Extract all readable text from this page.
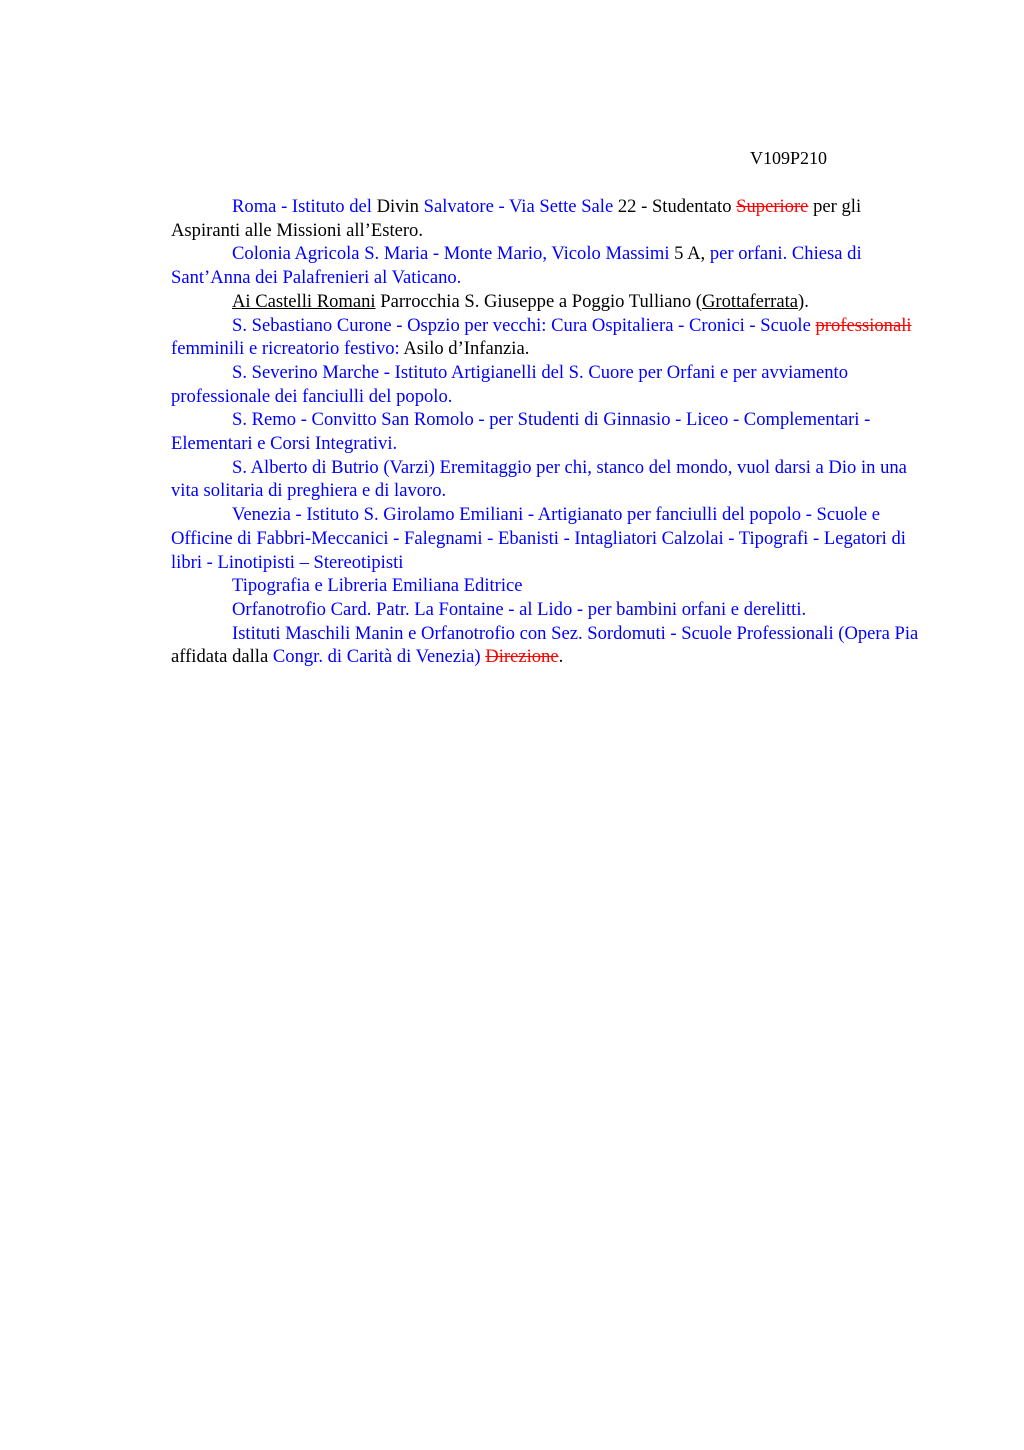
V109P210

Roma - Istituto del Divin Salvatore - Via Sette Sale 22 - Studentato Superiore per gli Aspiranti alle Missioni all’Estero.

Colonia Agricola S. Maria - Monte Mario, Vicolo Massimi 5 A, per orfani. Chiesa di Sant’Anna dei Palafrenieri al Vaticano.

Ai Castelli Romani Parrocchia S. Giuseppe a Poggio Tulliano (Grottaferrata).

S. Sebastiano Curone - Ospzio per vecchi: Cura Ospitaliera - Cronici - Scuole professionali femminili e ricreatorio festivo: Asilo d’Infanzia.

S. Severino Marche - Istituto Artigianelli del S. Cuore per Orfani e per avviamento professionale dei fanciulli del popolo.

S. Remo - Convitto San Romolo - per Studenti di Ginnasio - Liceo - Complementari - Elementari e Corsi Integrativi.

S. Alberto di Butrio (Varzi) Eremitaggio per chi, stanco del mondo, vuol darsi a Dio in una vita solitaria di preghiera e di lavoro.

Venezia - Istituto S. Girolamo Emiliani - Artigianato per fanciulli del popolo - Scuole e Officine di Fabbri-Meccanici - Falegnami - Ebanisti - Intagliatori Calzolai - Tipografi - Legatori di libri - Linotipisti – Stereotipisti

Tipografia e Libreria Emiliana Editrice

Orfanotrofio Card. Patr. La Fontaine - al Lido - per bambini orfani e derelitti.

Istituti Maschili Manin e Orfanotrofio con Sez. Sordomuti - Scuole Professionali (Opera Pia affidata dalla Congr. di Carità di Venezia) Direzione.
